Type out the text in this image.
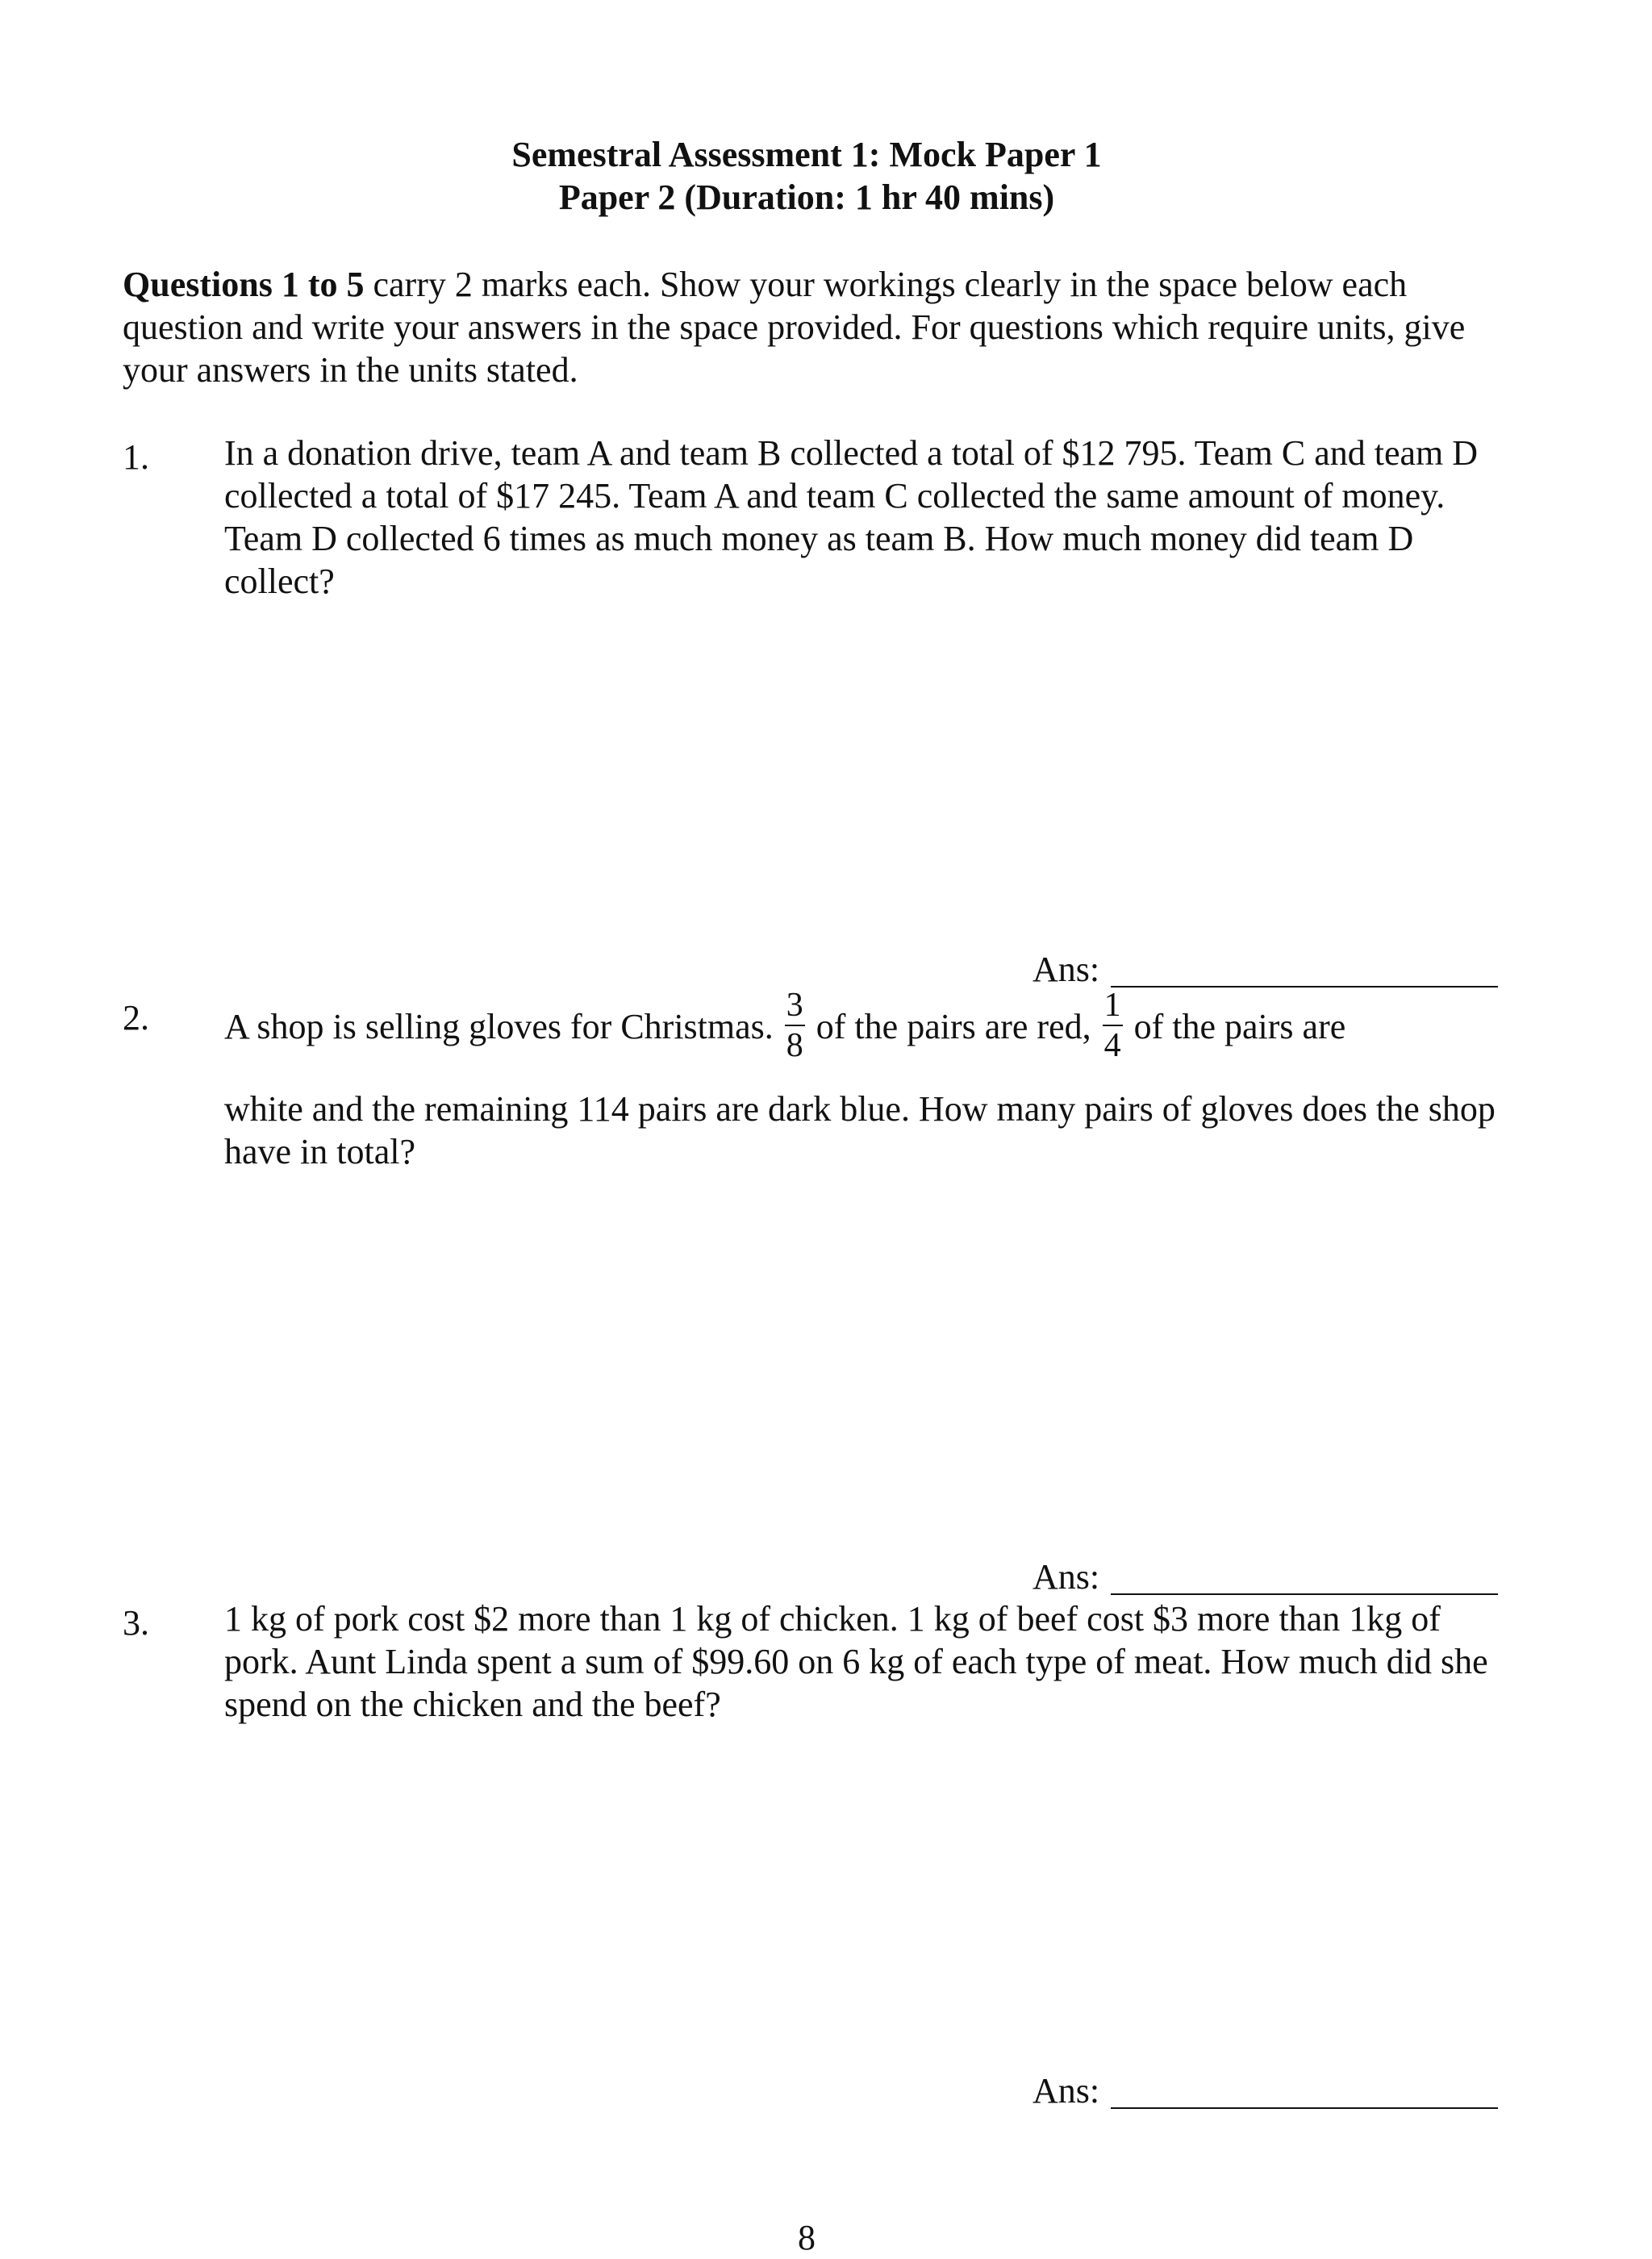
Semestral Assessment 1: Mock Paper 1
Paper 2 (Duration: 1 hr 40 mins)
Questions 1 to 5 carry 2 marks each. Show your workings clearly in the space below each question and write your answers in the space provided. For questions which require units, give your answers in the units stated.
1. In a donation drive, team A and team B collected a total of $12 795. Team C and team D collected a total of $17 245. Team A and team C collected the same amount of money. Team D collected 6 times as much money as team B. How much money did team D collect?
Ans:
2. A shop is selling gloves for Christmas. $\frac{3}{8}$ of the pairs are red, $\frac{1}{4}$ of the pairs are
white and the remaining 114 pairs are dark blue. How many pairs of gloves does the shop have in total?
Ans:
3. 1 kg of pork cost $2 more than 1 kg of chicken. 1 kg of beef cost $3 more than 1kg of pork. Aunt Linda spent a sum of $99.60 on 6 kg of each type of meat. How much did she spend on the chicken and the beef?
Ans:
8
